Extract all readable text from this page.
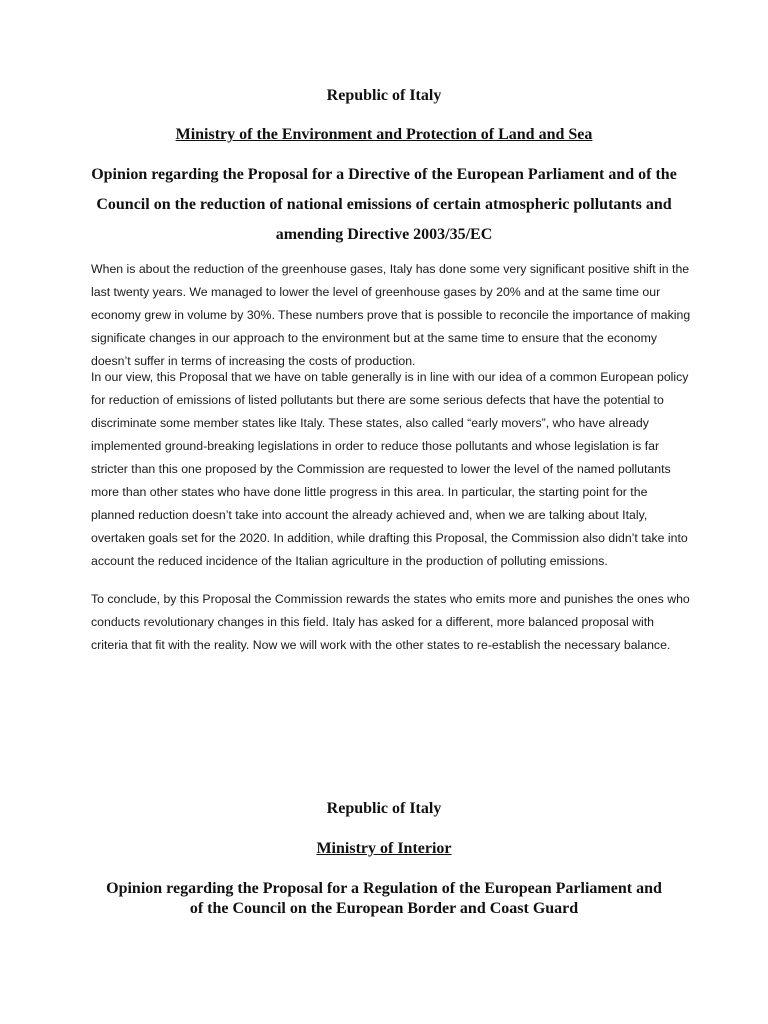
Republic of Italy
Ministry of the Environment and Protection of Land and Sea
Opinion regarding the Proposal for a Directive of the European Parliament and of the Council on the reduction of national emissions of certain atmospheric pollutants and amending Directive 2003/35/EC

When is about the reduction of the greenhouse gases, Italy has done some very significant positive shift in the last twenty years. We managed to lower the level of greenhouse gases by 20% and at the same time our economy grew in volume by 30%. These numbers prove that is possible to reconcile the importance of making significate changes in our approach to the environment but at the same time to ensure that the economy doesn’t suffer in terms of increasing the costs of production.

In our view, this Proposal that we have on table generally is in line with our idea of a common European policy for reduction of emissions of listed pollutants but there are some serious defects that have the potential to discriminate some member states like Italy. These states, also called “early movers”, who have already implemented ground-breaking legislations in order to reduce those pollutants and whose legislation is far stricter than this one proposed by the Commission are requested to lower the level of the named pollutants more than other states who have done little progress in this area. In particular, the starting point for the planned reduction doesn’t take into account the already achieved and, when we are talking about Italy, overtaken goals set for the 2020. In addition, while drafting this Proposal, the Commission also didn’t take into account the reduced incidence of the Italian agriculture in the production of polluting emissions.

To conclude, by this Proposal the Commission rewards the states who emits more and punishes the ones who conducts revolutionary changes in this field. Italy has asked for a different, more balanced proposal with criteria that fit with the reality. Now we will work with the other states to re-establish the necessary balance.

Republic of Italy
Ministry of Interior
Opinion regarding the Proposal for a Regulation of the European Parliament and of the Council on the European Border and Coast Guard
